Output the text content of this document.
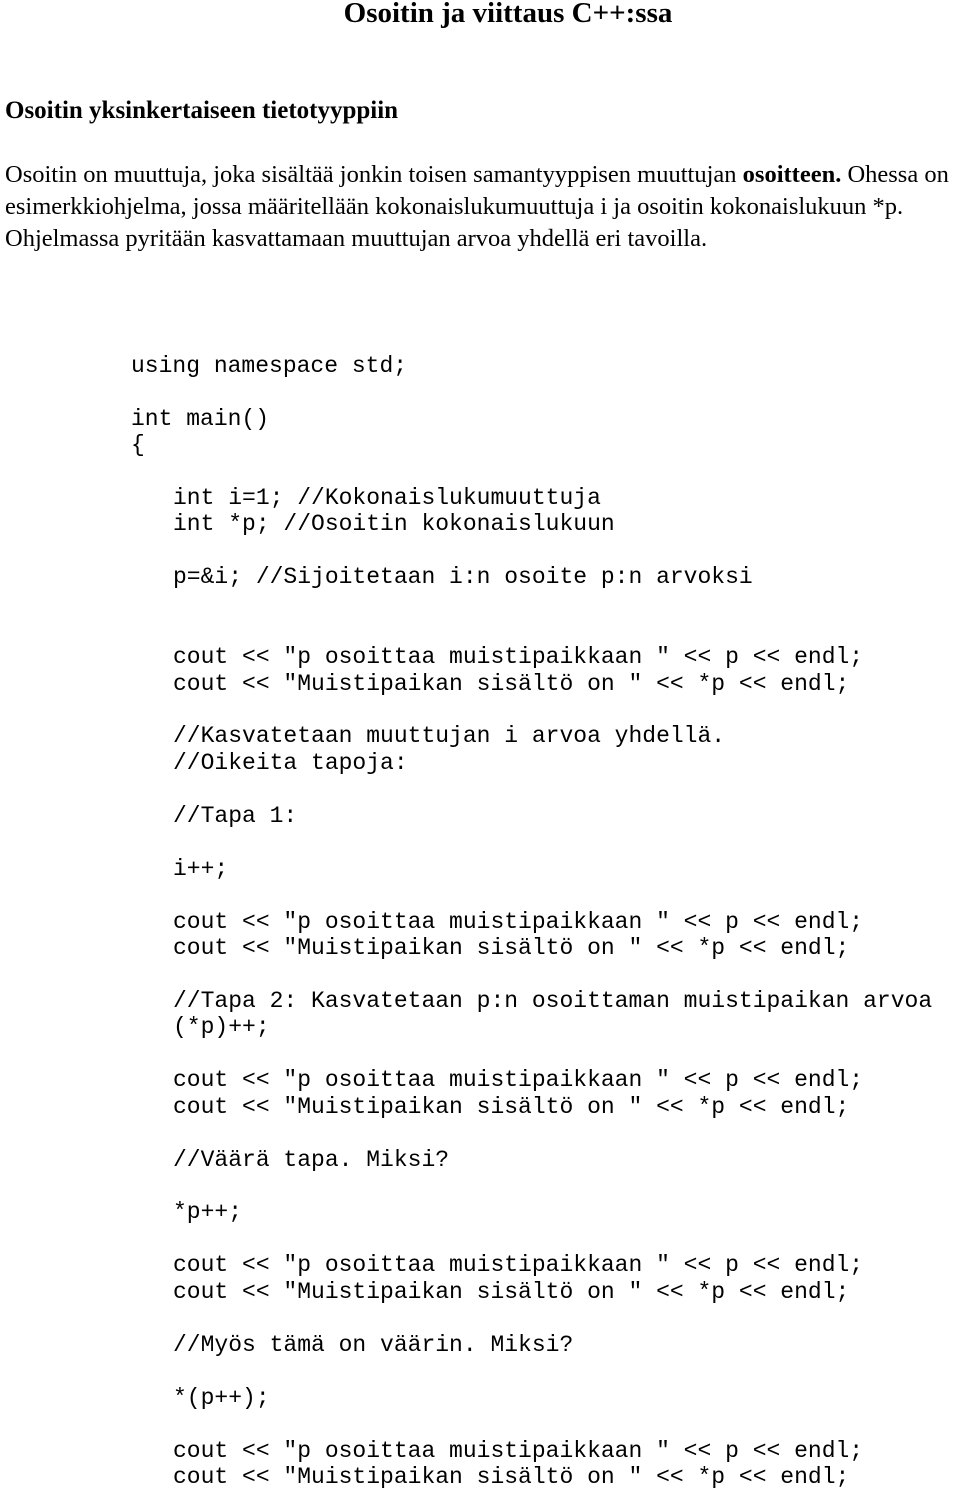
Osoitin ja viittaus C++:ssa
Osoitin yksinkertaiseen tietotyyppiin

Osoitin on muuttuja, joka sisältää jonkin toisen samantyyppisen muuttujan osoitteen. Ohessa on esimerkkiohjelma, jossa määritellään kokonaislukumuuttuja i ja osoitin kokonaislukuun *p. Ohjelmassa pyritään kasvattamaan muuttujan arvoa yhdellä eri tavoilla.

using namespace std;

int main()

{

int i=1; //Kokonaislukumuuttuja

int *p; //Osoitin kokonaislukuun

p=&i; //Sijoitetaan i:n osoite p:n arvoksi

cout << "p osoittaa muistipaikkaan " << p << endl;

cout << "Muistipaikan sisältö on " << *p << endl;

//Kasvatetaan muuttujan i arvoa yhdellä.

//Oikeita tapoja:

//Tapa 1:

i++;

cout << "p osoittaa muistipaikkaan " << p << endl;

cout << "Muistipaikan sisältö on " << *p << endl;

//Tapa 2: Kasvatetaan p:n osoittaman muistipaikan arvoa

(*p)++;

cout << "p osoittaa muistipaikkaan " << p << endl;

cout << "Muistipaikan sisältö on " << *p << endl;

//Väärä tapa. Miksi?

*p++;

cout << "p osoittaa muistipaikkaan " << p << endl;

cout << "Muistipaikan sisältö on " << *p << endl;

//Myös tämä on väärin. Miksi?

*(p++);

cout << "p osoittaa muistipaikkaan " << p << endl;

cout << "Muistipaikan sisältö on " << *p << endl;
